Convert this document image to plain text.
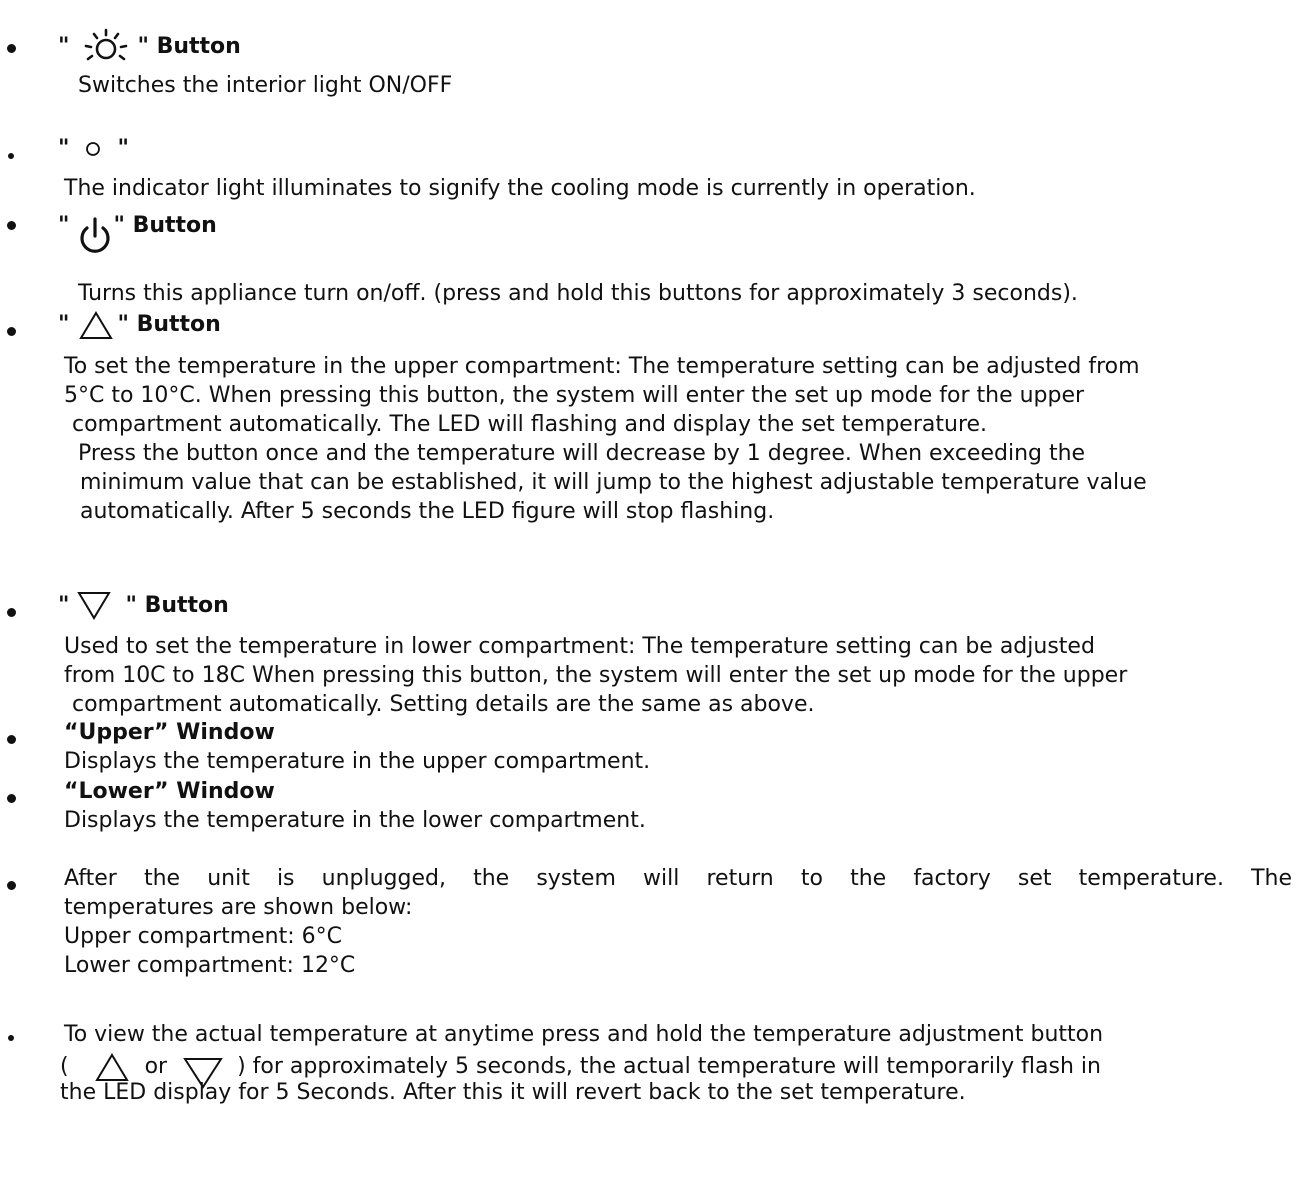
"	" Button
Switches the interior light ON/OFF
" "
The indicator light illuminates to signify the cooling mode is currently in operation.
" " Button
Turns this appliance turn on/off. (press and hold this buttons for approximately 3 seconds).
" " Button
To set the temperature in the upper compartment: The temperature setting can be adjusted from
5°C to 10°C. When pressing this button, the system will enter the set up mode for the upper
compartment automatically. The LED will flashing and display the set temperature.
Press the button once and the temperature will decrease by 1 degree. When exceeding the
minimum value that can be established, it will jump to the highest adjustable temperature value
automatically. After 5 seconds the LED figure will stop flashing.
"	" Button
Used to set the temperature in lower compartment: The temperature setting can be adjusted
from 10C to 18C When pressing this button, the system will enter the set up mode for the upper
compartment automatically. Setting details are the same as above.
“Upper” Window
Displays the temperature in the upper compartment.
“Lower” Window
Displays the temperature in the lower compartment.
After the unit is unplugged, the system will return to the factory set temperature. The
temperatures are shown below:
Upper compartment: 6°C
Lower compartment: 12°C
To view the actual temperature at anytime press and hold the temperature adjustment button
(	or	) for approximately 5 seconds, the actual temperature will temporarily flash in
the LED display for 5 Seconds. After this it will revert back to the set temperature.
